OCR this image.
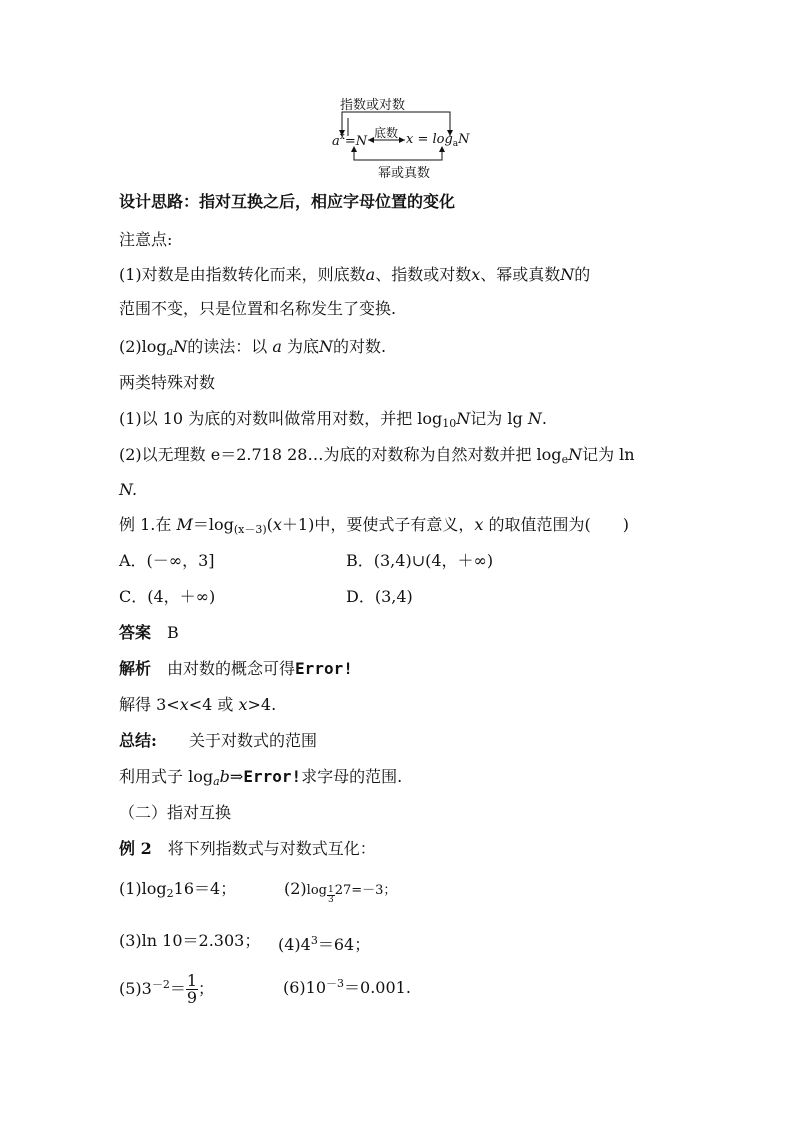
指数或对数
$a^x=N$
底数 $x = \log_aN$
幂或真数
设计思路：指对互换之后，相应字母位置的变化
注意点:
(1)对数是由指数转化而来，则底数a、指数或对数x、幂或真数N的
范围不变，只是位置和名称发生了变换.
$(2)\log_aN$的读法：以 a 为底N的对数.
两类特殊对数
(1)以 10 为底的对数叫做常用对数，并把 $\log_{10}N$记为 lg N.
(2)以无理数 e＝2.718 28…为底的对数称为自然对数并把 $\log_eN$记为 ln
N.
例 1.在 $M=\log_{(x-3)}(x+1)$中，要使式子有意义，x 的取值范围为(　　)
A．(－∞，3]	B．(3,4)∪(4，＋∞)
C．(4，＋∞)	D．(3,4)
答案　 B
解析　 由对数的概念可得Error!
解得 3<x<4 或 x>4.
总结:　　 关于对数式的范围
利用式子 $\log_ab\Rightarrow Error$!求字母的范围.
（二）指对互换
例 2　 将下列指数式与对数式互化：
$(1)\log_216=4$；	$(2)\log \frac{1}{3} 27=-3$；
(3)ln 10＝2.303； $(4)4^3=64$；
$(5)3^{-2}= \frac{1}{9}$ ；	$(6)10^{-3}=0.001$.
